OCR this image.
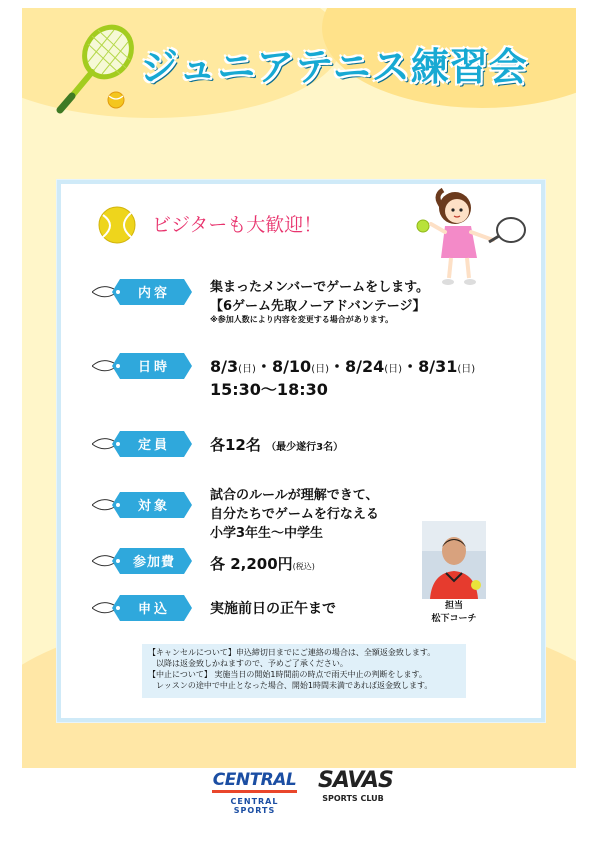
ジュニアテニス練習会
ビジターも大歓迎！
内容
日時
定員
対象
参加費
申込
集まったメンバーでゲームをします。
【6ゲーム先取ノーアドバンテージ】
※参加人数により内容を変更する場合があります。
8/3(日)・8/10(日)・8/24(日)・8/31(日)
15:30〜18:30
各12名 （最少遂行3名）
試合のルールが理解できて、
自分たちでゲームを行なえる
小学3年生〜中学生
各 2,200円(税込)
実施前日の正午まで	担当
松下コーチ
【キャンセルについて】申込締切日までにご連絡の場合は、全額返金致します。
以降は返金致しかねますので、予めご了承ください。
【中止について】 実施当日の開始1時間前の時点で雨天中止の判断をします。
レッスンの途中で中止となった場合、開始1時間未満であれば返金致します。
CENTRAL
CENTRAL SPORTS
SAVAS
SPORTS CLUB
